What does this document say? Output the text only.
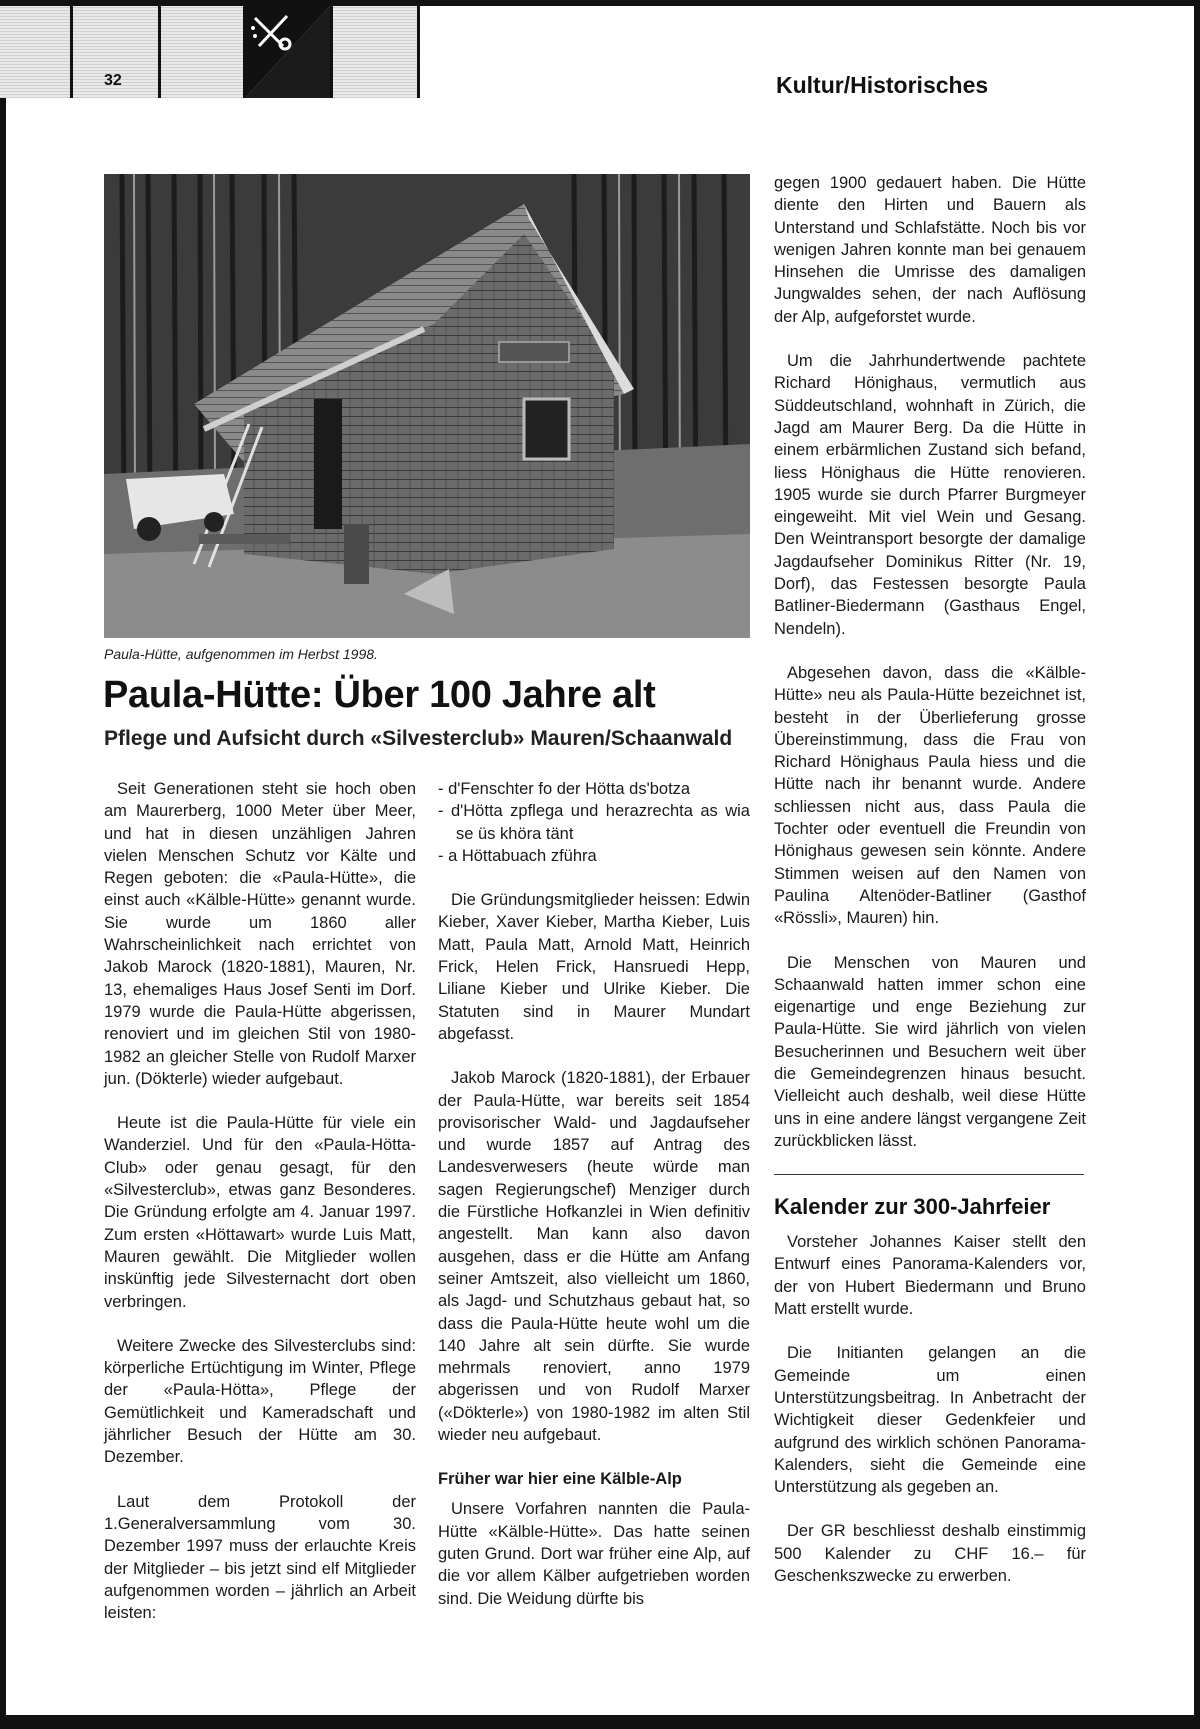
32	Kultur/Historisches
Paula-Hütte, aufgenommen im Herbst 1998.
Paula-Hütte: Über 100 Jahre alt
Pflege und Aufsicht durch «Silvesterclub» Mauren/Schaanwald

Seit Generationen steht sie hoch oben am Maurerberg, 1000 Meter über Meer, und hat in diesen unzähligen Jahren vielen Menschen Schutz vor Kälte und Regen geboten: die «Paula-Hütte», die einst auch «Kälble-Hütte» genannt wurde. Sie wurde um 1860 aller Wahrscheinlichkeit nach errichtet von Jakob Marock (1820-1881), Mauren, Nr. 13, ehemaliges Haus Josef Senti im Dorf. 1979 wurde die Paula-Hütte abgerissen, renoviert und im gleichen Stil von 1980-1982 an gleicher Stelle von Rudolf Marxer jun. (Dökterle) wieder aufgebaut.

Heute ist die Paula-Hütte für viele ein Wanderziel. Und für den «Paula-Hötta-Club» oder genau gesagt, für den «Silvesterclub», etwas ganz Besonderes. Die Gründung erfolgte am 4. Januar 1997. Zum ersten «Höttawart» wurde Luis Matt, Mauren gewählt. Die Mitglieder wollen inskünftig jede Silvesternacht dort oben verbringen.

Weitere Zwecke des Silvesterclubs sind: körperliche Ertüchtigung im Winter, Pflege der «Paula-Hötta», Pflege der Gemütlichkeit und Kameradschaft und jährlicher Besuch der Hütte am 30. Dezember.

Laut dem Protokoll der 1.Generalversammlung vom 30. Dezember 1997 muss der erlauchte Kreis der Mitglieder – bis jetzt sind elf Mitglieder aufgenommen worden – jährlich an Arbeit leisten:

- d'Fenschter fo der Hötta ds'botza
- d'Hötta zpflega und herazrechta as wia se üs khöra tänt
- a Höttabuach zführa

Die Gründungsmitglieder heissen: Edwin Kieber, Xaver Kieber, Martha Kieber, Luis Matt, Paula Matt, Arnold Matt, Heinrich Frick, Helen Frick, Hansruedi Hepp, Liliane Kieber und Ulrike Kieber. Die Statuten sind in Maurer Mundart abgefasst.

Jakob Marock (1820-1881), der Erbauer der Paula-Hütte, war bereits seit 1854 provisorischer Wald- und Jagdaufseher und wurde 1857 auf Antrag des Landesverwesers (heute würde man sagen Regierungschef) Menziger durch die Fürstliche Hofkanzlei in Wien definitiv angestellt. Man kann also davon ausgehen, dass er die Hütte am Anfang seiner Amtszeit, also vielleicht um 1860, als Jagd- und Schutzhaus gebaut hat, so dass die Paula-Hütte heute wohl um die 140 Jahre alt sein dürfte. Sie wurde mehrmals renoviert, anno 1979 abgerissen und von Rudolf Marxer («Dökterle») von 1980-1982 im alten Stil wieder neu aufgebaut.

Früher war hier eine Kälble-Alp

Unsere Vorfahren nannten die Paula-Hütte «Kälble-Hütte». Das hatte seinen guten Grund. Dort war früher eine Alp, auf die vor allem Kälber aufgetrieben worden sind. Die Weidung dürfte bis

gegen 1900 gedauert haben. Die Hütte diente den Hirten und Bauern als Unterstand und Schlafstätte. Noch bis vor wenigen Jahren konnte man bei genauem Hinsehen die Umrisse des damaligen Jungwaldes sehen, der nach Auflösung der Alp, aufgeforstet wurde.

Um die Jahrhundertwende pachtete Richard Hönighaus, vermutlich aus Süddeutschland, wohnhaft in Zürich, die Jagd am Maurer Berg. Da die Hütte in einem erbärmlichen Zustand sich befand, liess Hönighaus die Hütte renovieren. 1905 wurde sie durch Pfarrer Burgmeyer eingeweiht. Mit viel Wein und Gesang. Den Weintransport besorgte der damalige Jagdaufseher Dominikus Ritter (Nr. 19, Dorf), das Festessen besorgte Paula Batliner-Biedermann (Gasthaus Engel, Nendeln).

Abgesehen davon, dass die «Kälble-Hütte» neu als Paula-Hütte bezeichnet ist, besteht in der Überlieferung grosse Übereinstimmung, dass die Frau von Richard Hönighaus Paula hiess und die Hütte nach ihr benannt wurde. Andere schliessen nicht aus, dass Paula die Tochter oder eventuell die Freundin von Hönighaus gewesen sein könnte. Andere Stimmen weisen auf den Namen von Paulina Altenöder-Batliner (Gasthof «Rössli», Mauren) hin.

Die Menschen von Mauren und Schaanwald hatten immer schon eine eigenartige und enge Beziehung zur Paula-Hütte. Sie wird jährlich von vielen Besucherinnen und Besuchern weit über die Gemeindegrenzen hinaus besucht. Vielleicht auch deshalb, weil diese Hütte uns in eine andere längst vergangene Zeit zurückblicken lässt.

Kalender zur 300-Jahrfeier

Vorsteher Johannes Kaiser stellt den Entwurf eines Panorama-Kalenders vor, der von Hubert Biedermann und Bruno Matt erstellt wurde.

Die Initianten gelangen an die Gemeinde um einen Unterstützungsbeitrag. In Anbetracht der Wichtigkeit dieser Gedenkfeier und aufgrund des wirklich schönen Panorama-Kalenders, sieht die Gemeinde eine Unterstützung als gegeben an.

Der GR beschliesst deshalb einstimmig 500 Kalender zu CHF 16.– für Geschenkszwecke zu erwerben.
